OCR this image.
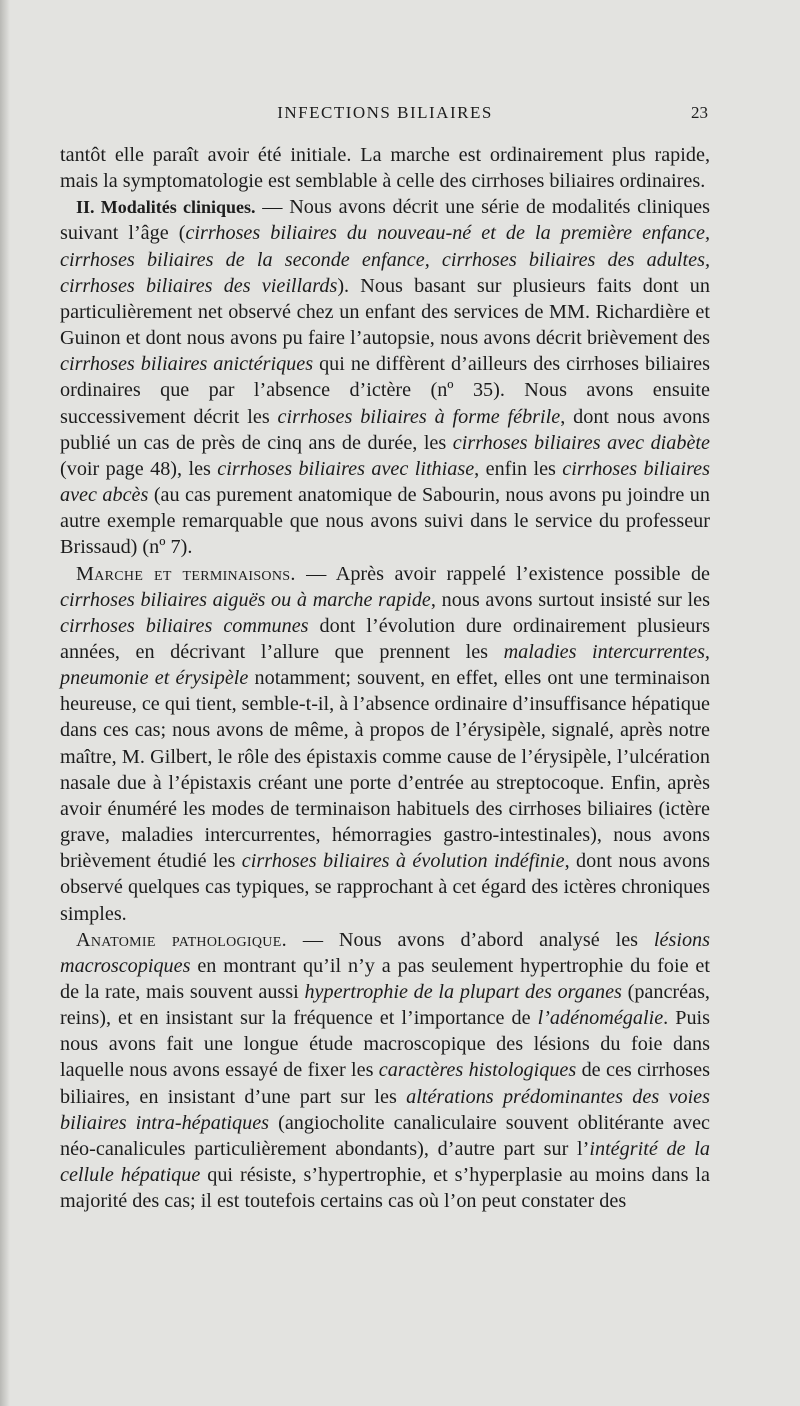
INFECTIONS BILIAIRES	23

tantôt elle paraît avoir été initiale. La marche est ordinairement plus rapide, mais la symptomatologie est semblable à celle des cirrhoses biliaires ordinaires.

II. Modalités cliniques. — Nous avons décrit une série de modalités cliniques suivant l’âge (cirrhoses biliaires du nouveau-né et de la première enfance, cirrhoses biliaires de la seconde enfance, cirrhoses biliaires des adultes, cirrhoses biliaires des vieillards). Nous basant sur plusieurs faits dont un particulièrement net observé chez un enfant des services de MM. Richardière et Guinon et dont nous avons pu faire l’autopsie, nous avons décrit brièvement des cirrhoses biliaires anictériques qui ne diffèrent d’ailleurs des cirrhoses biliaires ordinaires que par l’absence d’ictère (nº 35). Nous avons ensuite successivement décrit les cirrhoses biliaires à forme fébrile, dont nous avons publié un cas de près de cinq ans de durée, les cirrhoses biliaires avec diabète (voir page 48), les cirrhoses biliaires avec lithiase, enfin les cirrhoses biliaires avec abcès (au cas purement anatomique de Sabourin, nous avons pu joindre un autre exemple remarquable que nous avons suivi dans le service du professeur Brissaud) (nº 7).

Marche et terminaisons. — Après avoir rappelé l’existence possible de cirrhoses biliaires aiguës ou à marche rapide, nous avons surtout insisté sur les cirrhoses biliaires communes dont l’évolution dure ordinairement plusieurs années, en décrivant l’allure que prennent les maladies intercurrentes, pneumonie et érysipèle notamment; souvent, en effet, elles ont une terminaison heureuse, ce qui tient, semble-t-il, à l’absence ordinaire d’insuffisance hépatique dans ces cas; nous avons de même, à propos de l’érysipèle, signalé, après notre maître, M. Gilbert, le rôle des épistaxis comme cause de l’érysipèle, l’ulcération nasale due à l’épistaxis créant une porte d’entrée au streptocoque. Enfin, après avoir énuméré les modes de terminaison habituels des cirrhoses biliaires (ictère grave, maladies intercurrentes, hémorragies gastro-intestinales), nous avons brièvement étudié les cirrhoses biliaires à évolution indéfinie, dont nous avons observé quelques cas typiques, se rapprochant à cet égard des ictères chroniques simples.

Anatomie pathologique. — Nous avons d’abord analysé les lésions macroscopiques en montrant qu’il n’y a pas seulement hypertrophie du foie et de la rate, mais souvent aussi hypertrophie de la plupart des organes (pancréas, reins), et en insistant sur la fréquence et l’importance de l’adénomégalie. Puis nous avons fait une longue étude macroscopique des lésions du foie dans laquelle nous avons essayé de fixer les caractères histologiques de ces cirrhoses biliaires, en insistant d’une part sur les altérations prédominantes des voies biliaires intra-hépatiques (angiocholite canaliculaire souvent oblitérante avec néo-canalicules particulièrement abondants), d’autre part sur l’intégrité de la cellule hépatique qui résiste, s’hypertrophie, et s’hyperplasie au moins dans la majorité des cas; il est toutefois certains cas où l’on peut constater des
